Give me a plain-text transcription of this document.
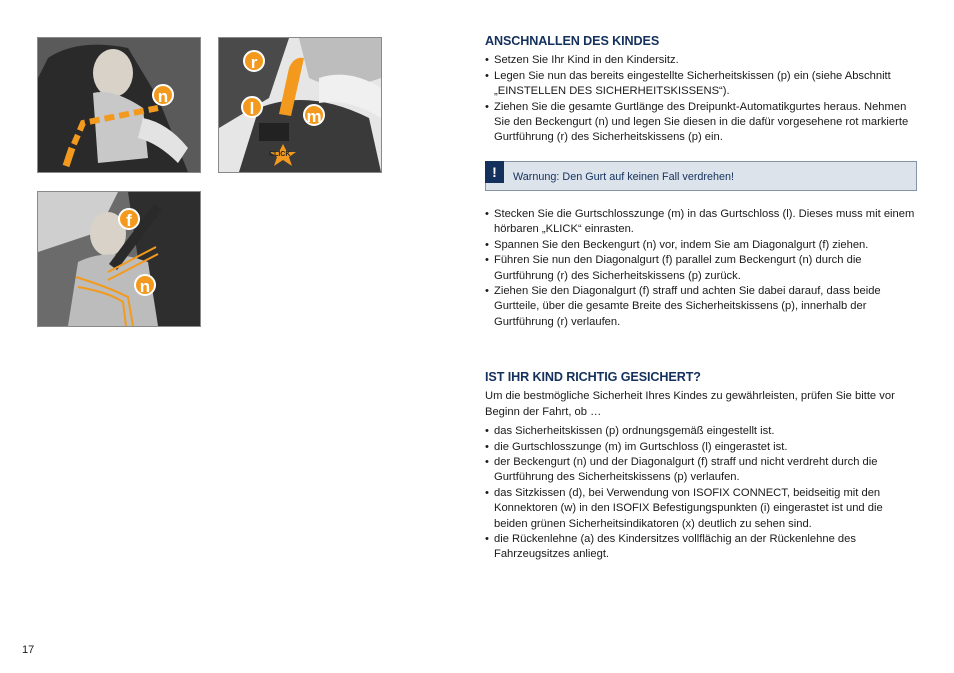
n
r
l	m
CLICK
f
n
ANSCHNALLEN DES KINDES
• Setzen Sie Ihr Kind in den Kindersitz.
• Legen Sie nun das bereits eingestellte Sicherheitskissen (p) ein (siehe Abschnitt „EINSTELLEN DES SICHERHEITSKISSENS“).
• Ziehen Sie die gesamte Gurtlänge des Dreipunkt-Automatikgurtes heraus. Nehmen Sie den Beckengurt (n) und legen Sie diesen in die dafür vorgesehene rot markierte Gurtführung (r) des Sicherheitskissens (p) ein.
!	Warnung: Den Gurt auf keinen Fall verdrehen!
• Stecken Sie die Gurtschlosszunge (m) in das Gurtschloss (l). Dieses muss mit einem hörbaren „KLICK“ einrasten.
• Spannen Sie den Beckengurt (n) vor, indem Sie am Diagonalgurt (f) ziehen.
• Führen Sie nun den Diagonalgurt (f) parallel zum Beckengurt (n) durch die Gurtführung (r) des Sicherheitskissens (p) zurück.
• Ziehen Sie den Diagonalgurt (f) straff und achten Sie dabei darauf, dass beide Gurtteile, über die gesamte Breite des Sicherheitskissens (p), innerhalb der Gurtführung (r) verlaufen.
IST IHR KIND RICHTIG GESICHERT?

Um die bestmögliche Sicherheit Ihres Kindes zu gewährleisten, prüfen Sie bitte vor Beginn der Fahrt, ob …

• das Sicherheitskissen (p) ordnungsgemäß eingestellt ist.
• die Gurtschlosszunge (m) im Gurtschloss (l) eingerastet ist.
• der Beckengurt (n) und der Diagonalgurt (f) straff und nicht verdreht durch die Gurtführung des Sicherheitskissens (p) verlaufen.
• das Sitzkissen (d), bei Verwendung von ISOFIX CONNECT, beidseitig mit den Konnektoren (w) in den ISOFIX Befestigungspunkten (i) eingerastet ist und die beiden grünen Sicherheitsindikatoren (x) deutlich zu sehen sind.
• die Rückenlehne (a) des Kindersitzes vollflächig an der Rückenlehne des Fahrzeugsitzes anliegt.
17
